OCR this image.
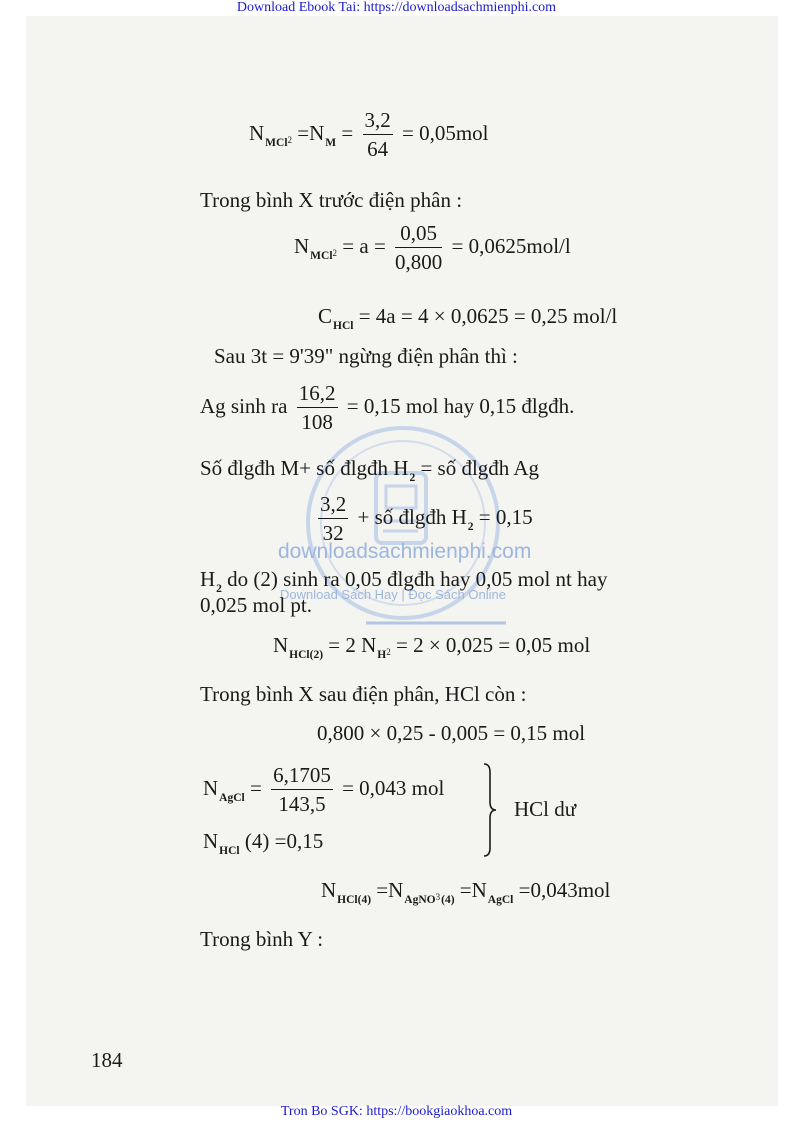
Download Ebook Tai: https://downloadsachmienphi.com
downloadsachmienphi.com
Download Sách Hay | Đọc Sách Online
$N_{MCl}2 =N_M = \frac{3,2}{64} = 0,05mol$
Trong bình X trước điện phân :
$N_{MCl}2 = a = \frac{0,05}{0,800} = 0,0625mol/l$
$C_{HCl} = 4a = 4 \times 0,0625 = 0,25$ mol/l
Sau 3t = 9'39" ngừng điện phân thì :
Ag sinh ra $\frac{16,2}{108} = 0,15$ mol hay 0,15 đlgđh.
Số đlgđh M+ số đlgđh $H_2$ = số đlgđh Ag
$\frac{3,2}{32}$ + số đlgđh $H_2 = 0,15$
$H_2$ do (2) sinh ra 0,05 đlgđh hay 0,05 mol nt hay
0,025 mol pt.
$N_{HCl(2)} = 2$ $N_H2 = 2 \times 0,025 = 0,05$ mol
Trong bình X sau điện phân, HCl còn :
0,800 × 0,25 - 0,005 = 0,15 mol
$N_{AgCl} = \frac{6,1705}{143,5} = 0,043$ mol
$N_{HCl}$ (4) =0,15
HCl dư
$N_{HCl(4)} =N_{AgNO}3_{(4)} =N_{AgCl} =0,043mol$
Trong bình Y :
184
Tron Bo SGK: https://bookgiaokhoa.com
